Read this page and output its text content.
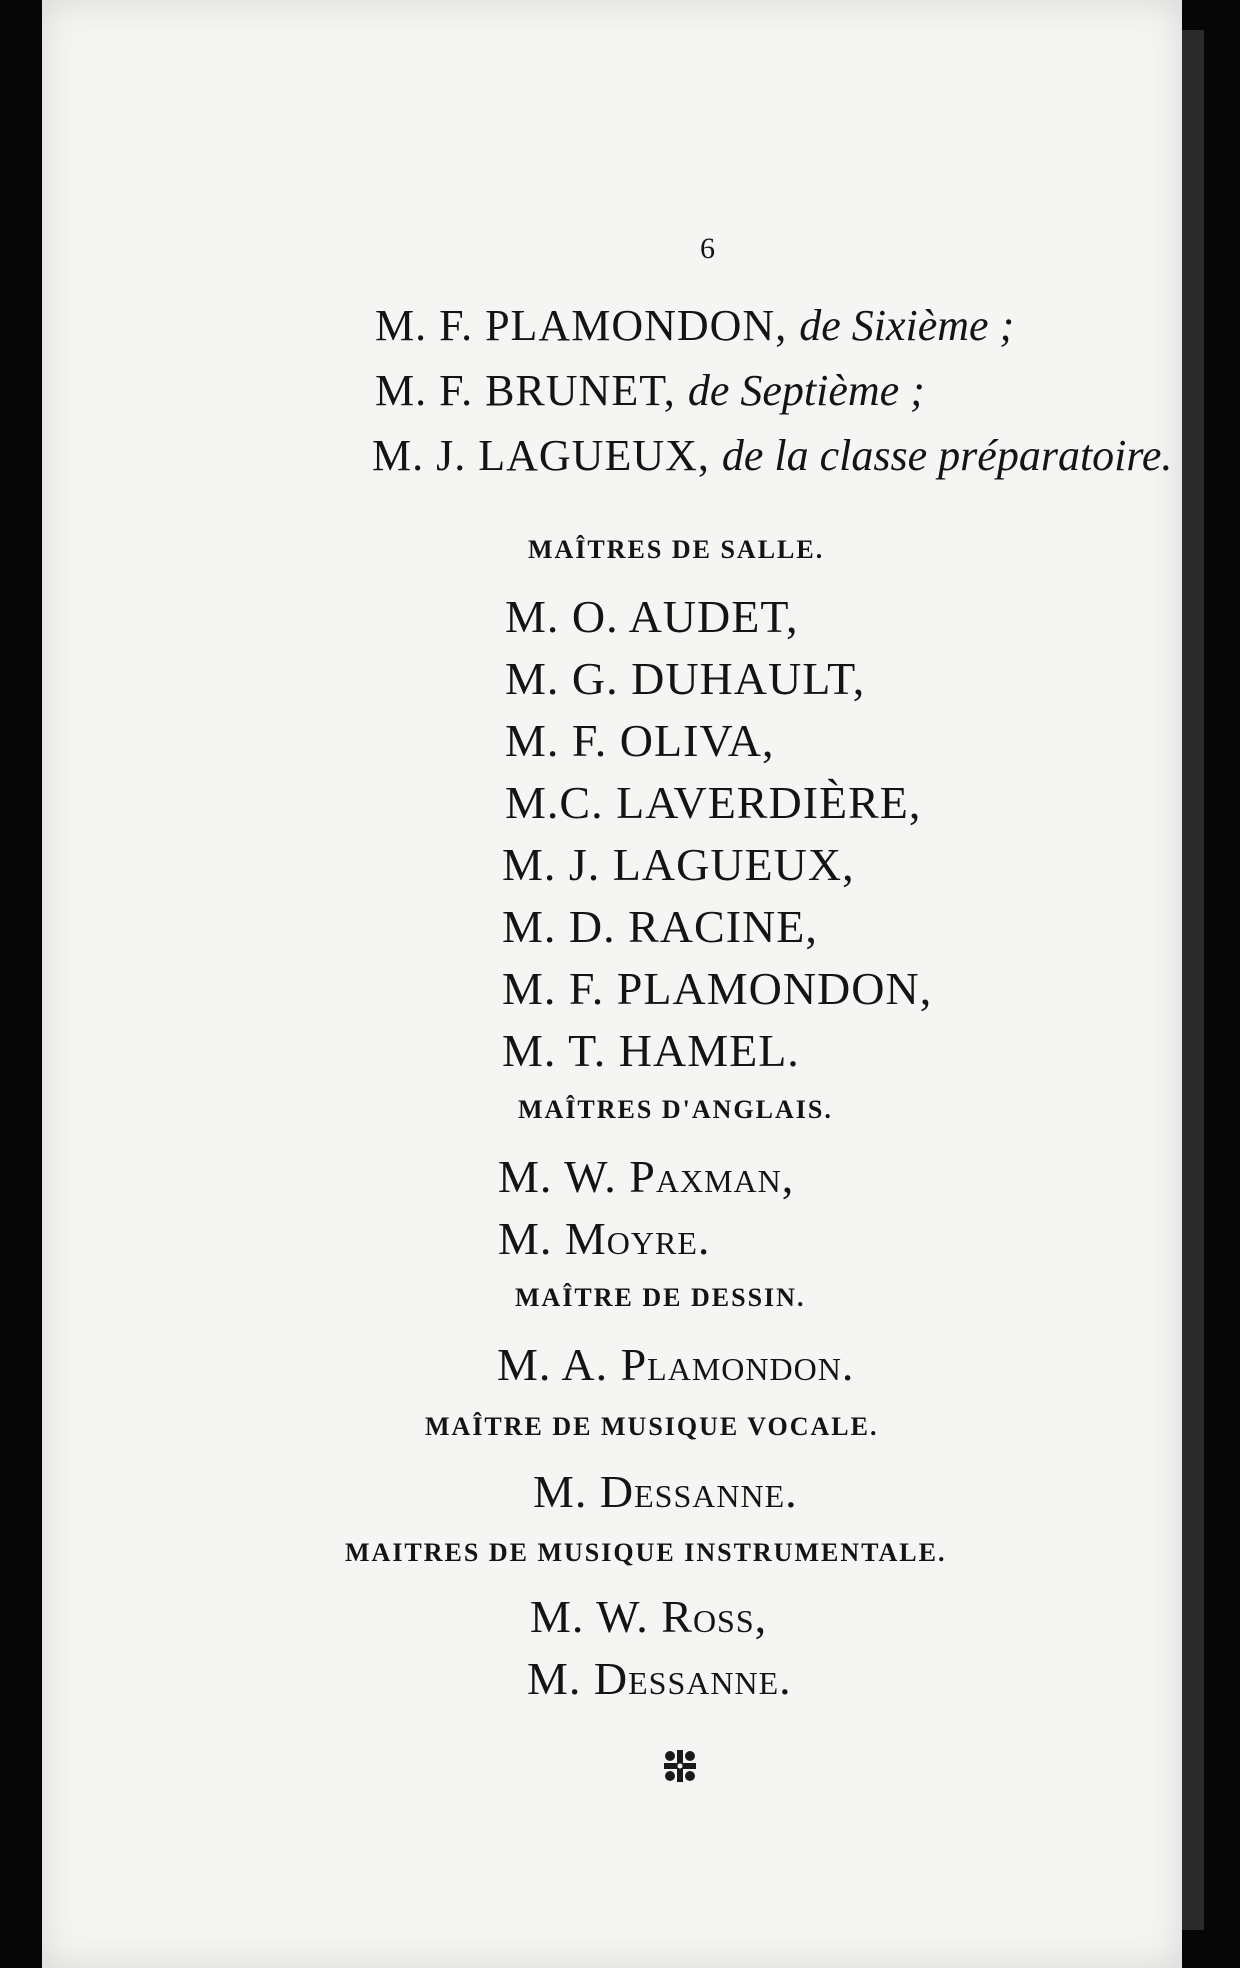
6
M. F. PLAMONDON, de Sixième ;
M. F. BRUNET, de Septième ;
M. J. LAGUEUX, de la classe préparatoire.
MAÎTRES DE SALLE.
M. O. AUDET,
M. G. DUHAULT,
M. F. OLIVA,
M.C. LAVERDIÈRE,
M. J. LAGUEUX,
M. D. RACINE,
M. F. PLAMONDON,
M. T. HAMEL.
MAÎTRES D'ANGLAIS.
M. W. Paxman,
M. Moyre.
MAÎTRE DE DESSIN.
M. A. Plamondon.
MAÎTRE DE MUSIQUE VOCALE.
M. Dessanne.
MAITRES DE MUSIQUE INSTRUMENTALE.
M. W. Ross,
M. Dessanne.
